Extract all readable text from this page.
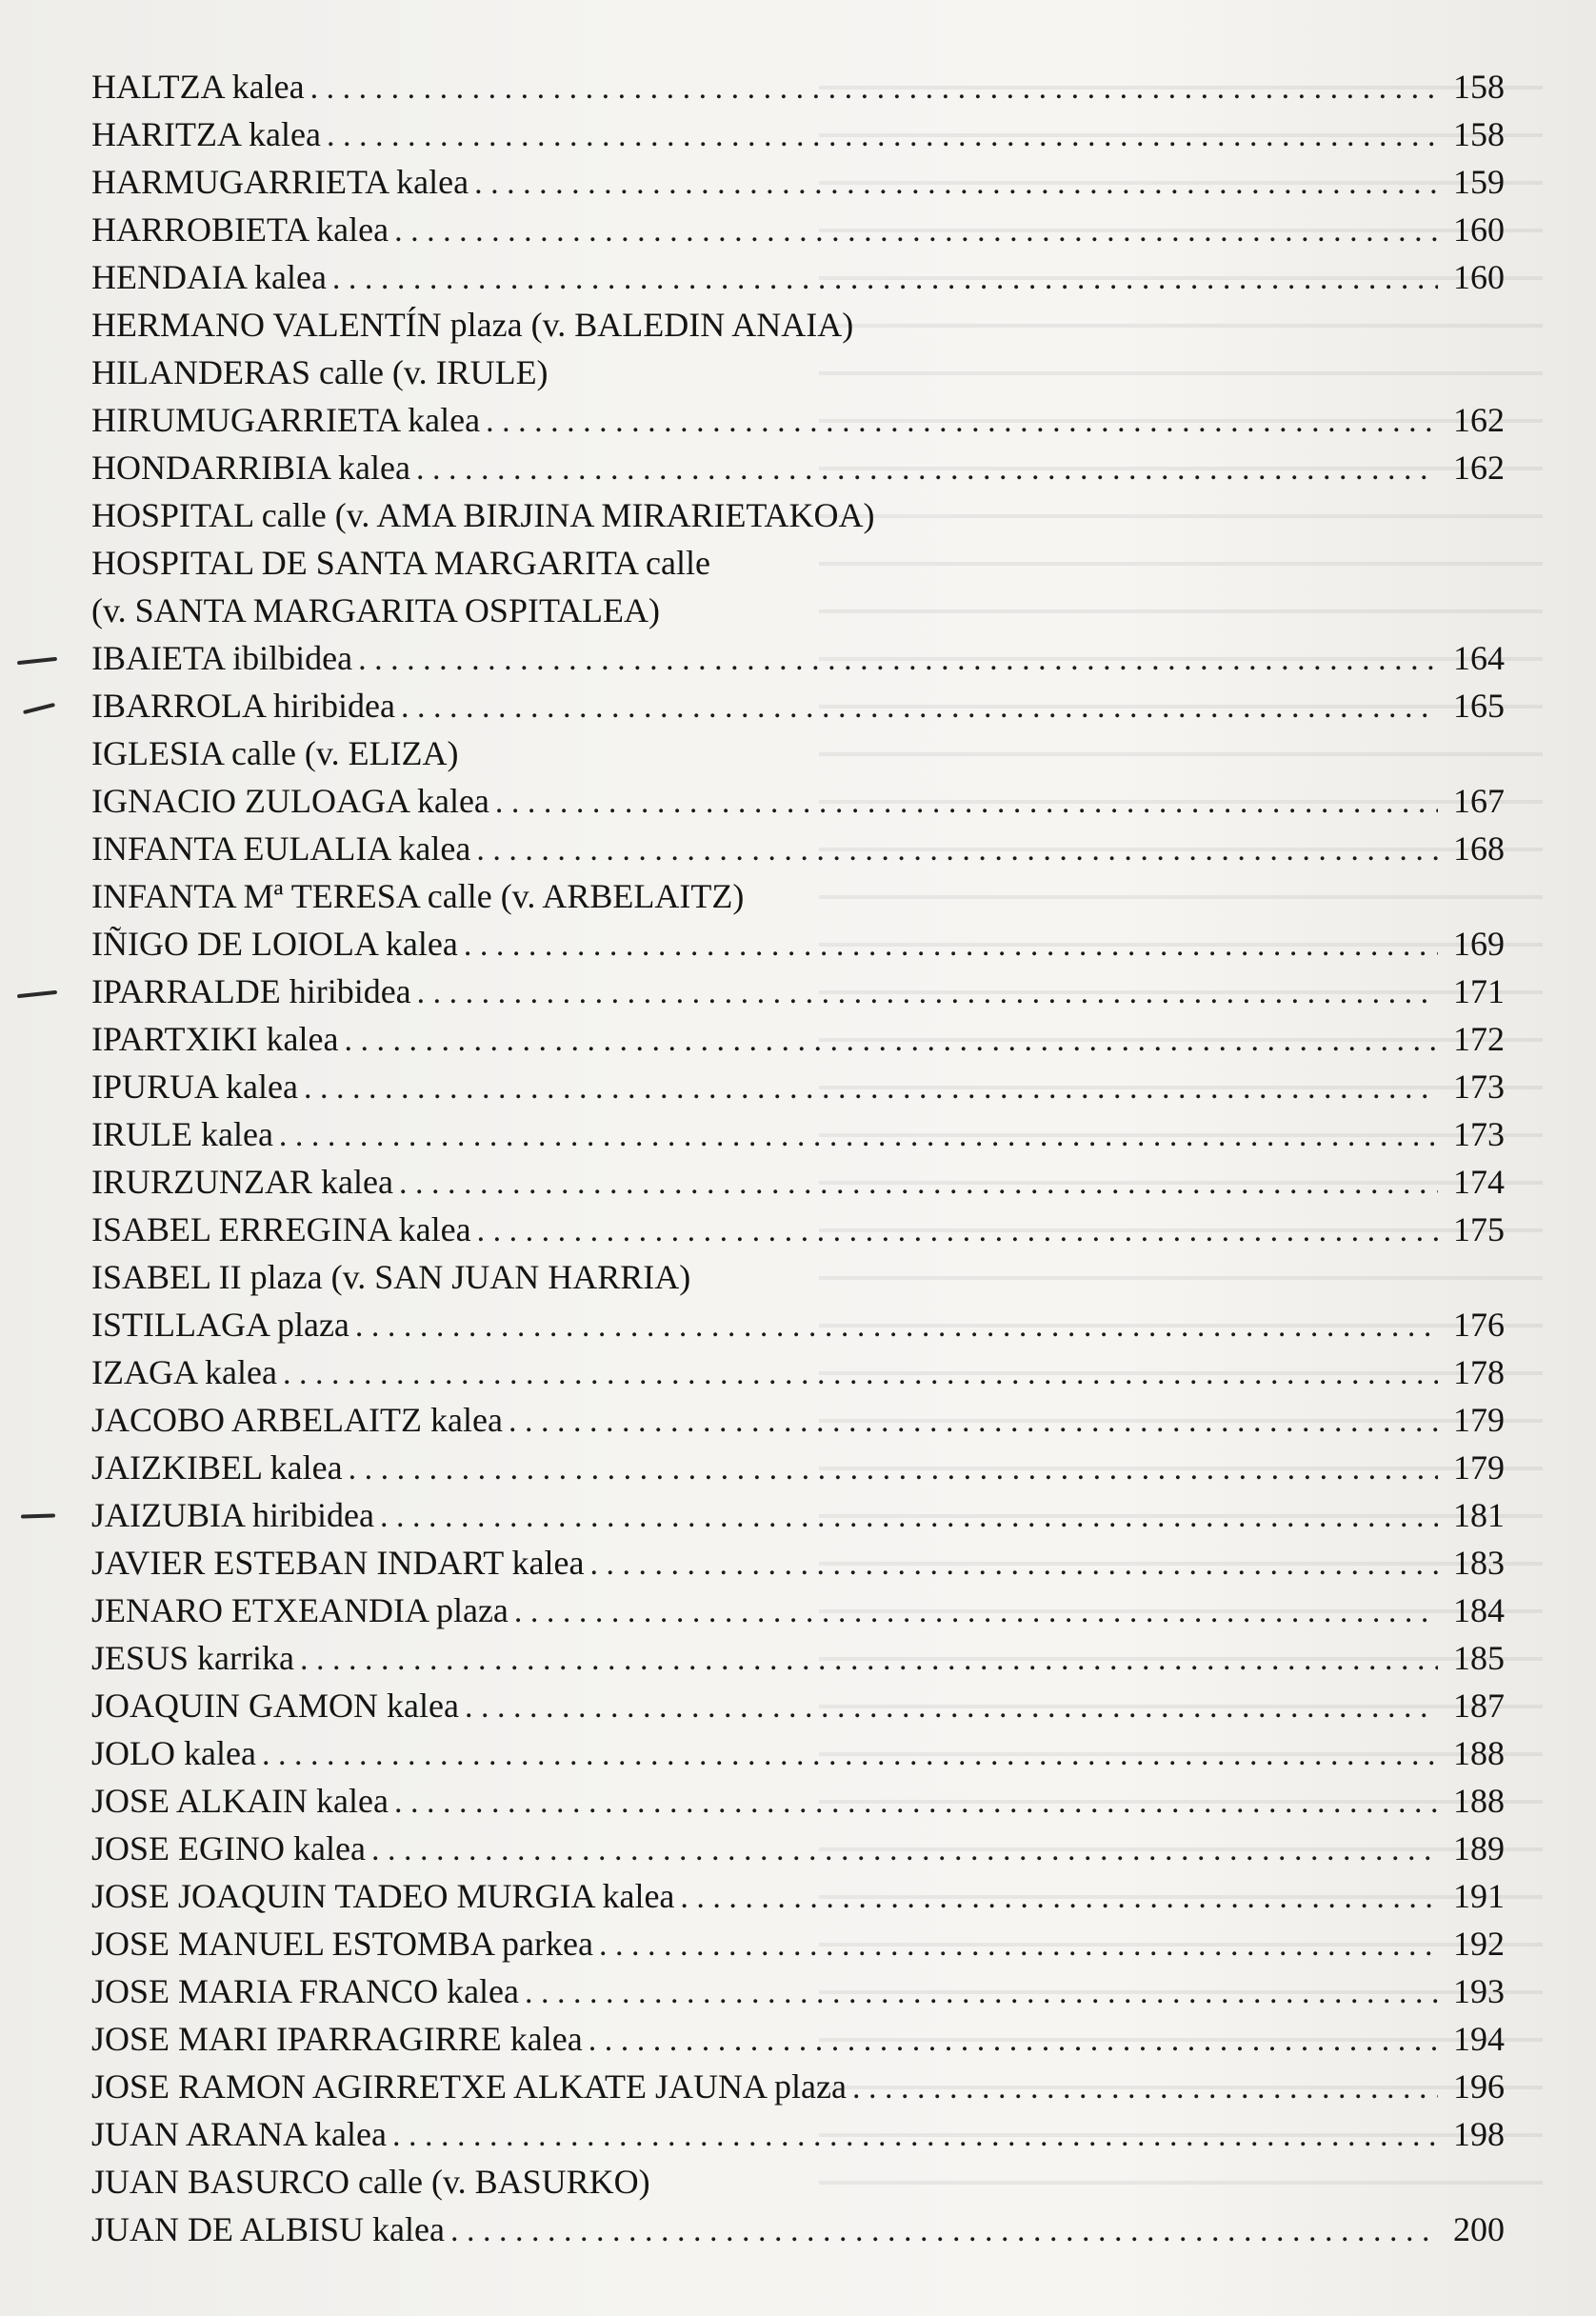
HALTZA kalea . . .	158
HARITZA kalea . . .	158
HARMUGARRIETA kalea . . .	159
HARROBIETA kalea . . .	160
HENDAIA kalea . . .	160
HERMANO VALENTÍN plaza (v. BALEDIN ANAIA)
HILANDERAS calle (v. IRULE)
HIRUMUGARRIETA kalea . . .	162
HONDARRIBIA kalea . . .	162
HOSPITAL calle (v. AMA BIRJINA MIRARIETAKOA)
HOSPITAL DE SANTA MARGARITA calle
(v. SANTA MARGARITA OSPITALEA)
IBAIETA ibilbidea . . .	164
IBARROLA hiribidea . . .	165
IGLESIA calle (v. ELIZA)
IGNACIO ZULOAGA kalea . . .	167
INFANTA EULALIA kalea . . .	168
INFANTA Mª TERESA calle (v. ARBELAITZ)
IÑIGO DE LOIOLA kalea . . .	169
IPARRALDE hiribidea . . .	171
IPARTXIKI kalea . . .	172
IPURUA kalea . . .	173
IRULE kalea . . .	173
IRURZUNZAR kalea . . .	174
ISABEL ERREGINA kalea . . .	175
ISABEL II plaza (v. SAN JUAN HARRIA)
ISTILLAGA plaza . . .	176
IZAGA kalea . . .	178
JACOBO ARBELAITZ kalea . . .	179
JAIZKIBEL kalea . . .	179
JAIZUBIA hiribidea . . .	181
JAVIER ESTEBAN INDART kalea . . .	183
JENARO ETXEANDIA plaza . . .	184
JESUS karrika . . .	185
JOAQUIN GAMON kalea . . .	187
JOLO kalea . . .	188
JOSE ALKAIN kalea . . .	188
JOSE EGINO kalea . . .	189
JOSE JOAQUIN TADEO MURGIA kalea . . .	191
JOSE MANUEL ESTOMBA parkea . . .	192
JOSE MARIA FRANCO kalea . . .	193
JOSE MARI IPARRAGIRRE kalea . . .	194
JOSE RAMON AGIRRETXE ALKATE JAUNA plaza . . .	196
JUAN ARANA kalea . . .	198
JUAN BASURCO calle (v. BASURKO)
JUAN DE ALBISU kalea . . .	200
